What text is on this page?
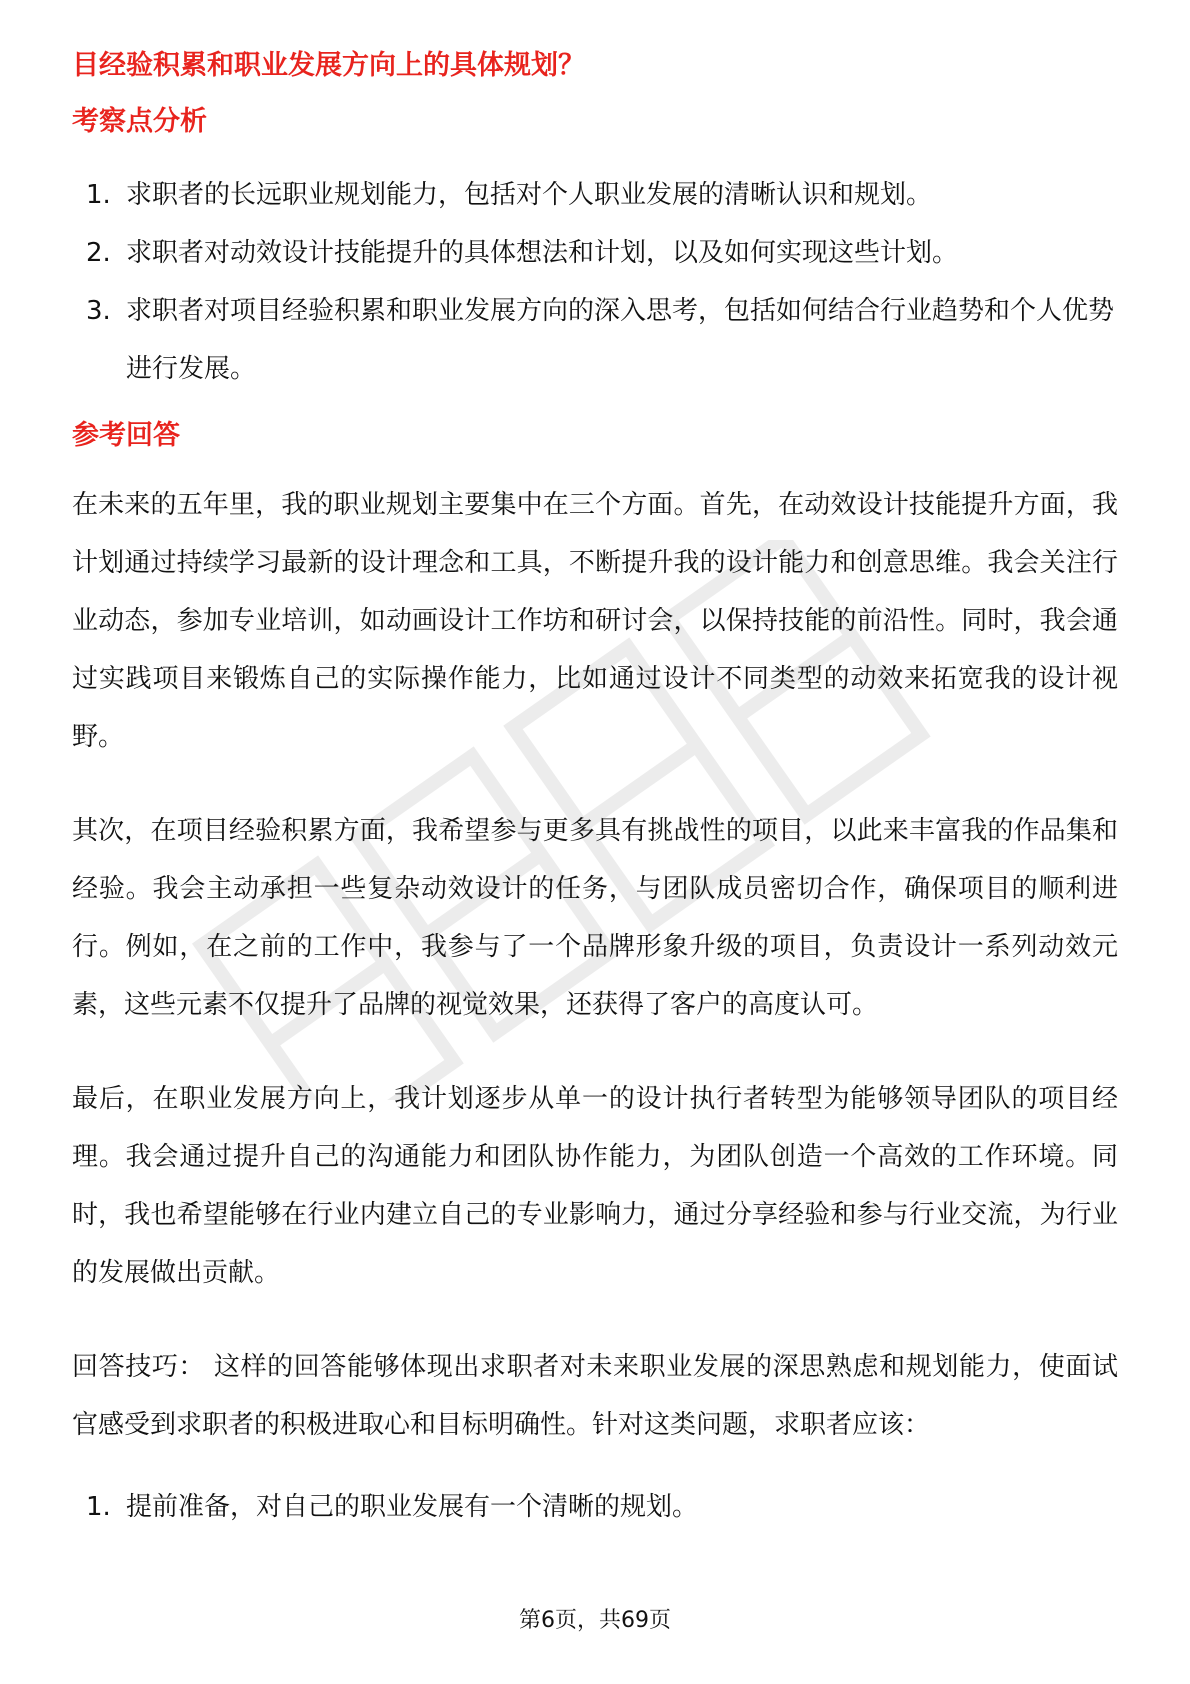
目经验积累和职业发展方向上的具体规划？
考察点分析
1. 求职者的长远职业规划能力，包括对个人职业发展的清晰认识和规划。
2. 求职者对动效设计技能提升的具体想法和计划，以及如何实现这些计划。
3. 求职者对项目经验积累和职业发展方向的深入思考，包括如何结合行业趋势和个人优势进行发展。
参考回答

在未来的五年里，我的职业规划主要集中在三个方面。首先，在动效设计技能提升方面，我计划通过持续学习最新的设计理念和工具，不断提升我的设计能力和创意思维。我会关注行业动态，参加专业培训，如动画设计工作坊和研讨会，以保持技能的前沿性。同时，我会通过实践项目来锻炼自己的实际操作能力，比如通过设计不同类型的动效来拓宽我的设计视野。

其次，在项目经验积累方面，我希望参与更多具有挑战性的项目，以此来丰富我的作品集和经验。我会主动承担一些复杂动效设计的任务，与团队成员密切合作，确保项目的顺利进行。例如，在之前的工作中，我参与了一个品牌形象升级的项目，负责设计一系列动效元素，这些元素不仅提升了品牌的视觉效果，还获得了客户的高度认可。

最后，在职业发展方向上，我计划逐步从单一的设计执行者转型为能够领导团队的项目经理。我会通过提升自己的沟通能力和团队协作能力，为团队创造一个高效的工作环境。同时，我也希望能够在行业内建立自己的专业影响力，通过分享经验和参与行业交流，为行业的发展做出贡献。

回答技巧： 这样的回答能够体现出求职者对未来职业发展的深思熟虑和规划能力，使面试官感受到求职者的积极进取心和目标明确性。针对这类问题，求职者应该：

1. 提前准备，对自己的职业发展有一个清晰的规划。
第6页，共69页
